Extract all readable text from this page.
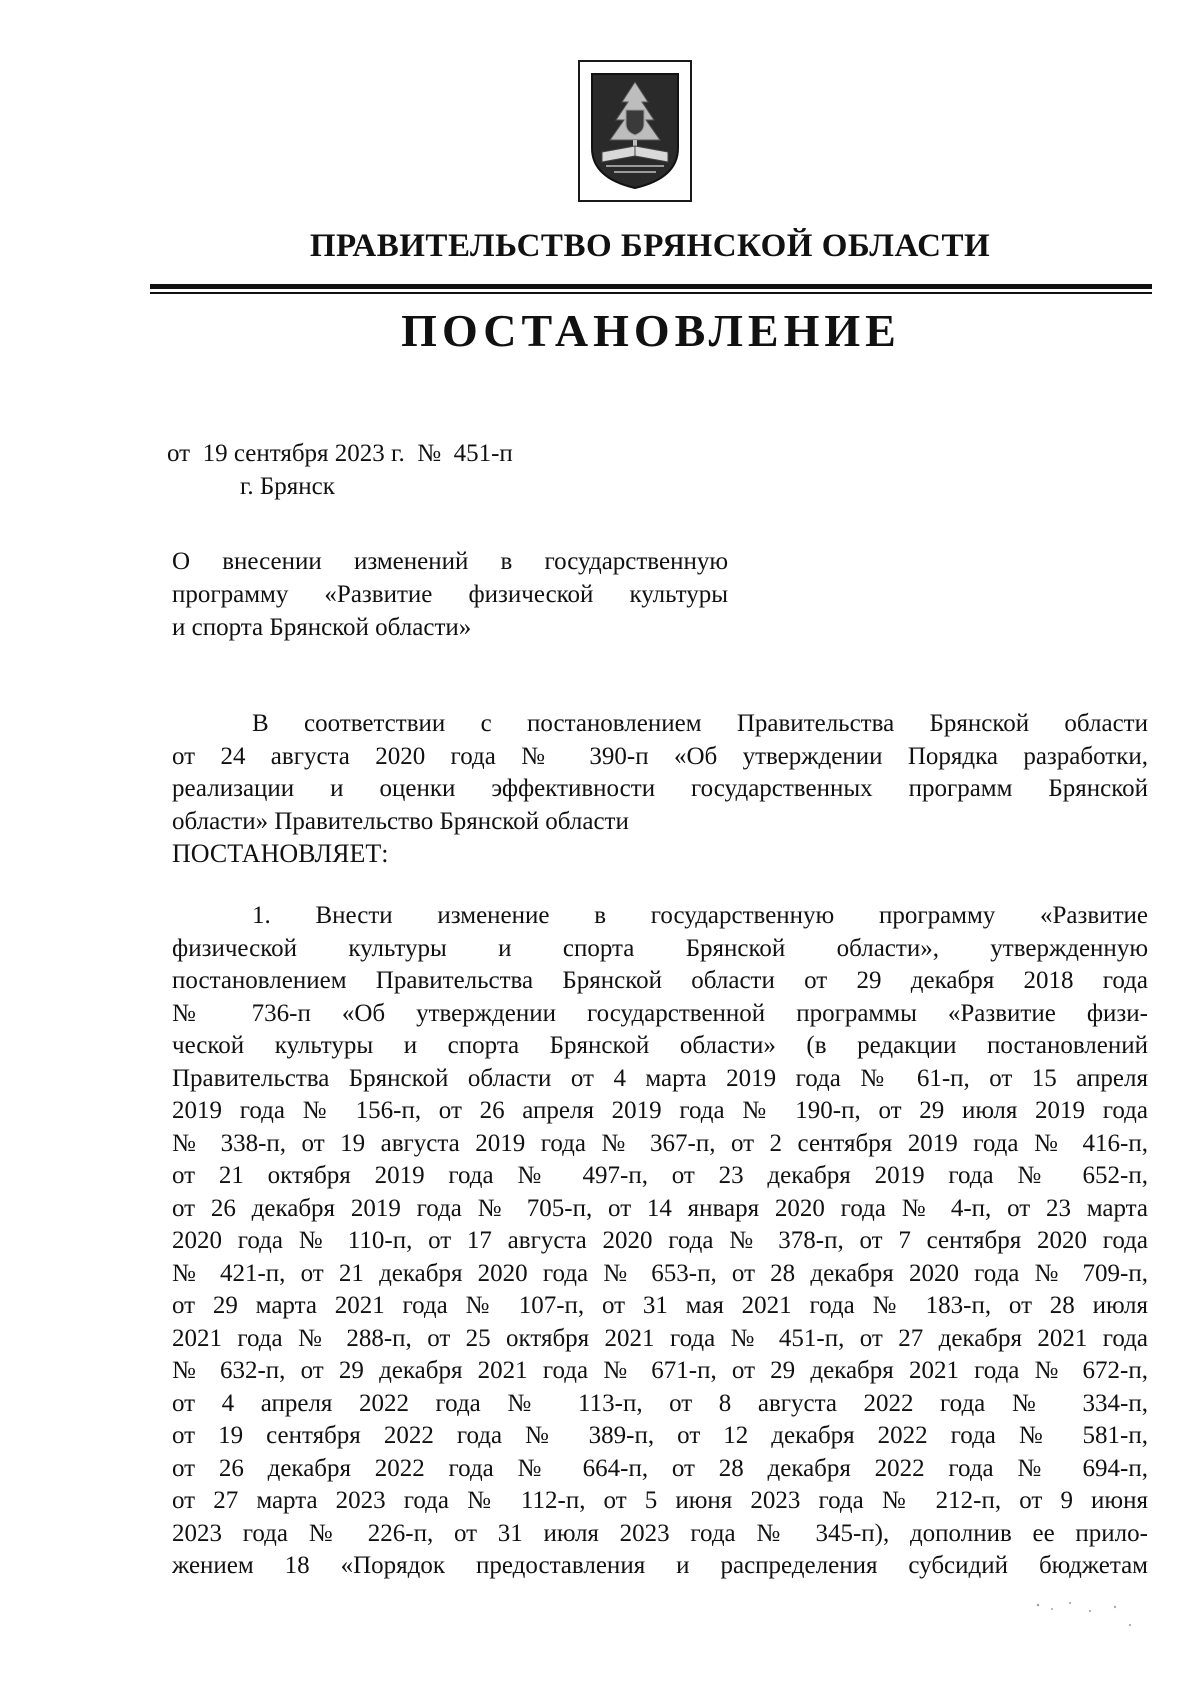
ПРАВИТЕЛЬСТВО БРЯНСКОЙ ОБЛАСТИ
ПОСТАНОВЛЕНИЕ
от  19 сентября 2023 г.  №  451-п
г. Брянск
О внесении изменений в государственную
программу «Развитие физической культуры
и спорта Брянской области»
В соответствии с постановлением Правительства Брянской области
от 24 августа 2020 года № 390-п «Об утверждении Порядка разработки,
реализации и оценки эффективности государственных программ Брянской
области» Правительство Брянской области
ПОСТАНОВЛЯЕТ:
1. Внести изменение в государственную программу «Развитие
физической культуры и спорта Брянской области», утвержденную
постановлением Правительства Брянской области от 29 декабря 2018 года
№ 736-п «Об утверждении государственной программы «Развитие физи-
ческой культуры и спорта Брянской области» (в редакции постановлений
Правительства Брянской области от 4 марта 2019 года № 61-п, от 15 апреля
2019 года № 156-п, от 26 апреля 2019 года № 190-п, от 29 июля 2019 года
№ 338-п, от 19 августа 2019 года № 367-п, от 2 сентября 2019 года № 416-п,
от 21 октября 2019 года № 497-п, от 23 декабря 2019 года № 652-п,
от 26 декабря 2019 года № 705-п, от 14 января 2020 года № 4-п, от 23 марта
2020 года № 110-п, от 17 августа 2020 года № 378-п, от 7 сентября 2020 года
№ 421-п, от 21 декабря 2020 года № 653-п, от 28 декабря 2020 года № 709-п,
от 29 марта 2021 года № 107-п, от 31 мая 2021 года № 183-п, от 28 июля
2021 года № 288-п, от 25 октября 2021 года № 451-п, от 27 декабря 2021 года
№ 632-п, от 29 декабря 2021 года № 671-п, от 29 декабря 2021 года № 672-п,
от 4 апреля 2022 года № 113-п, от 8 августа 2022 года № 334-п,
от 19 сентября 2022 года № 389-п, от 12 декабря 2022 года № 581-п,
от 26 декабря 2022 года № 664-п, от 28 декабря 2022 года № 694-п,
от 27 марта 2023 года № 112-п, от 5 июня 2023 года № 212-п, от 9 июня
2023 года № 226-п, от 31 июля 2023 года № 345-п), дополнив ее прило-
жением 18 «Порядок предоставления и распределения субсидий бюджетам
